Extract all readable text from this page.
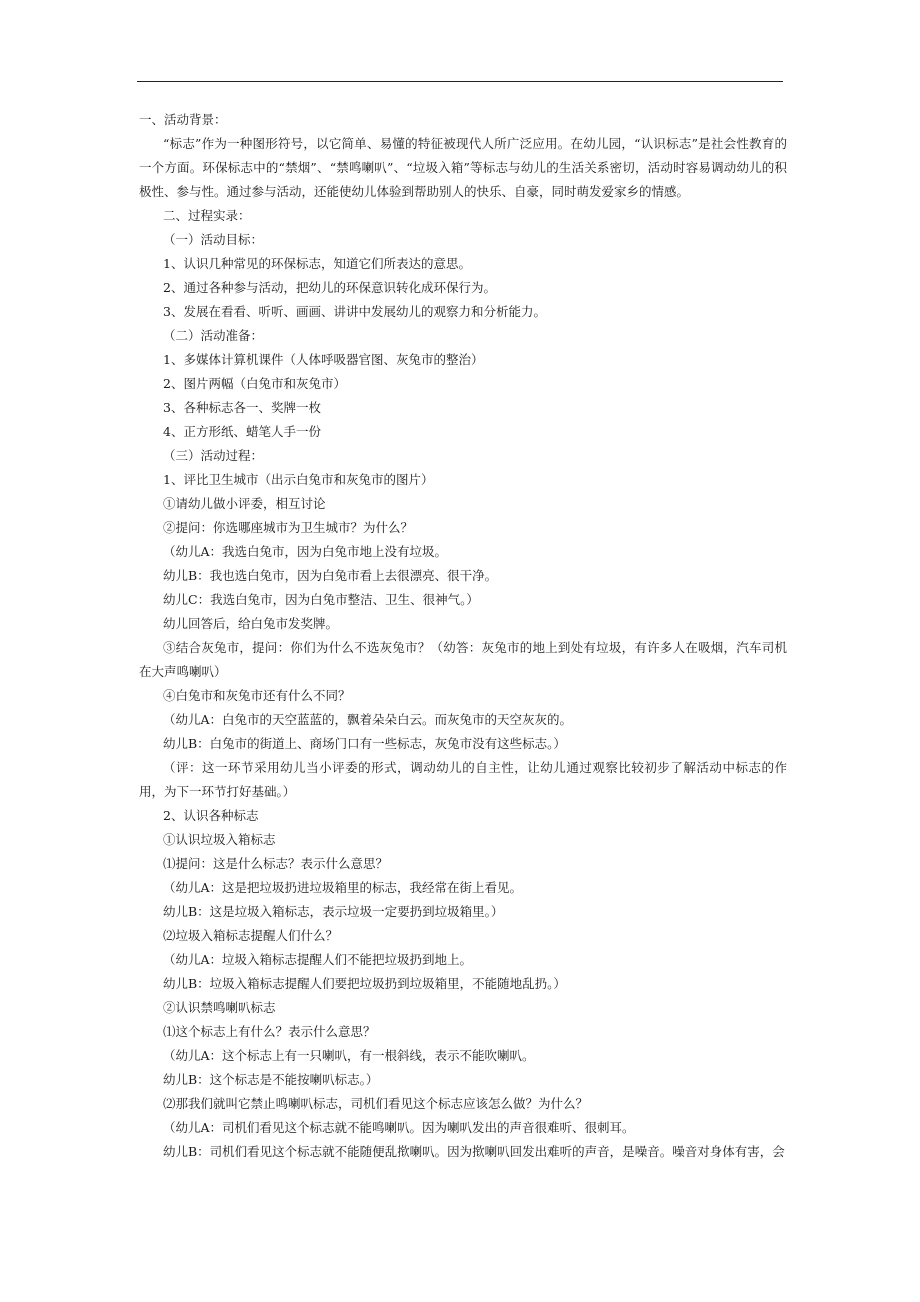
一、活动背景：
“标志”作为一种图形符号，以它简单、易懂的特征被现代人所广泛应用。在幼儿园，“认识标志”是社会性教育的一个方面。环保标志中的“禁烟”、“禁鸣喇叭”、“垃圾入箱”等标志与幼儿的生活关系密切，活动时容易调动幼儿的积极性、参与性。通过参与活动，还能使幼儿体验到帮助别人的快乐、自豪，同时萌发爱家乡的情感。
二、过程实录：
（一）活动目标：
1、认识几种常见的环保标志，知道它们所表达的意思。
2、通过各种参与活动，把幼儿的环保意识转化成环保行为。
3、发展在看看、听听、画画、讲讲中发展幼儿的观察力和分析能力。
（二）活动准备：
1、多媒体计算机课件（人体呼吸器官图、灰兔市的整治）
2、图片两幅（白兔市和灰兔市）
3、各种标志各一、奖牌一枚
4、正方形纸、蜡笔人手一份
（三）活动过程：
1、评比卫生城市（出示白兔市和灰兔市的图片）
①请幼儿做小评委，相互讨论
②提问：你选哪座城市为卫生城市？为什么？
（幼儿A：我选白兔市，因为白兔市地上没有垃圾。
幼儿B：我也选白兔市，因为白兔市看上去很漂亮、很干净。
幼儿C：我选白兔市，因为白兔市整洁、卫生、很神气。）
幼儿回答后，给白兔市发奖牌。
③结合灰兔市，提问：你们为什么不选灰兔市？（幼答：灰兔市的地上到处有垃圾，有许多人在吸烟，汽车司机在大声鸣喇叭）
④白兔市和灰兔市还有什么不同？
（幼儿A：白兔市的天空蓝蓝的，飘着朵朵白云。而灰兔市的天空灰灰的。
幼儿B：白兔市的街道上、商场门口有一些标志，灰兔市没有这些标志。）
（评：这一环节采用幼儿当小评委的形式，调动幼儿的自主性，让幼儿通过观察比较初步了解活动中标志的作用，为下一环节打好基础。）
2、认识各种标志
①认识垃圾入箱标志
⑴提问：这是什么标志？表示什么意思？
（幼儿A：这是把垃圾扔进垃圾箱里的标志，我经常在街上看见。
幼儿B：这是垃圾入箱标志，表示垃圾一定要扔到垃圾箱里。）
⑵垃圾入箱标志提醒人们什么？
（幼儿A：垃圾入箱标志提醒人们不能把垃圾扔到地上。
幼儿B：垃圾入箱标志提醒人们要把垃圾扔到垃圾箱里，不能随地乱扔。）
②认识禁鸣喇叭标志
⑴这个标志上有什么？表示什么意思？
（幼儿A：这个标志上有一只喇叭，有一根斜线，表示不能吹喇叭。
幼儿B：这个标志是不能按喇叭标志。）
⑵那我们就叫它禁止鸣喇叭标志，司机们看见这个标志应该怎么做？为什么？
（幼儿A：司机们看见这个标志就不能鸣喇叭。因为喇叭发出的声音很难听、很刺耳。
幼儿B：司机们看见这个标志就不能随便乱揿喇叭。因为揿喇叭回发出难听的声音，是噪音。噪音对身体有害，会
